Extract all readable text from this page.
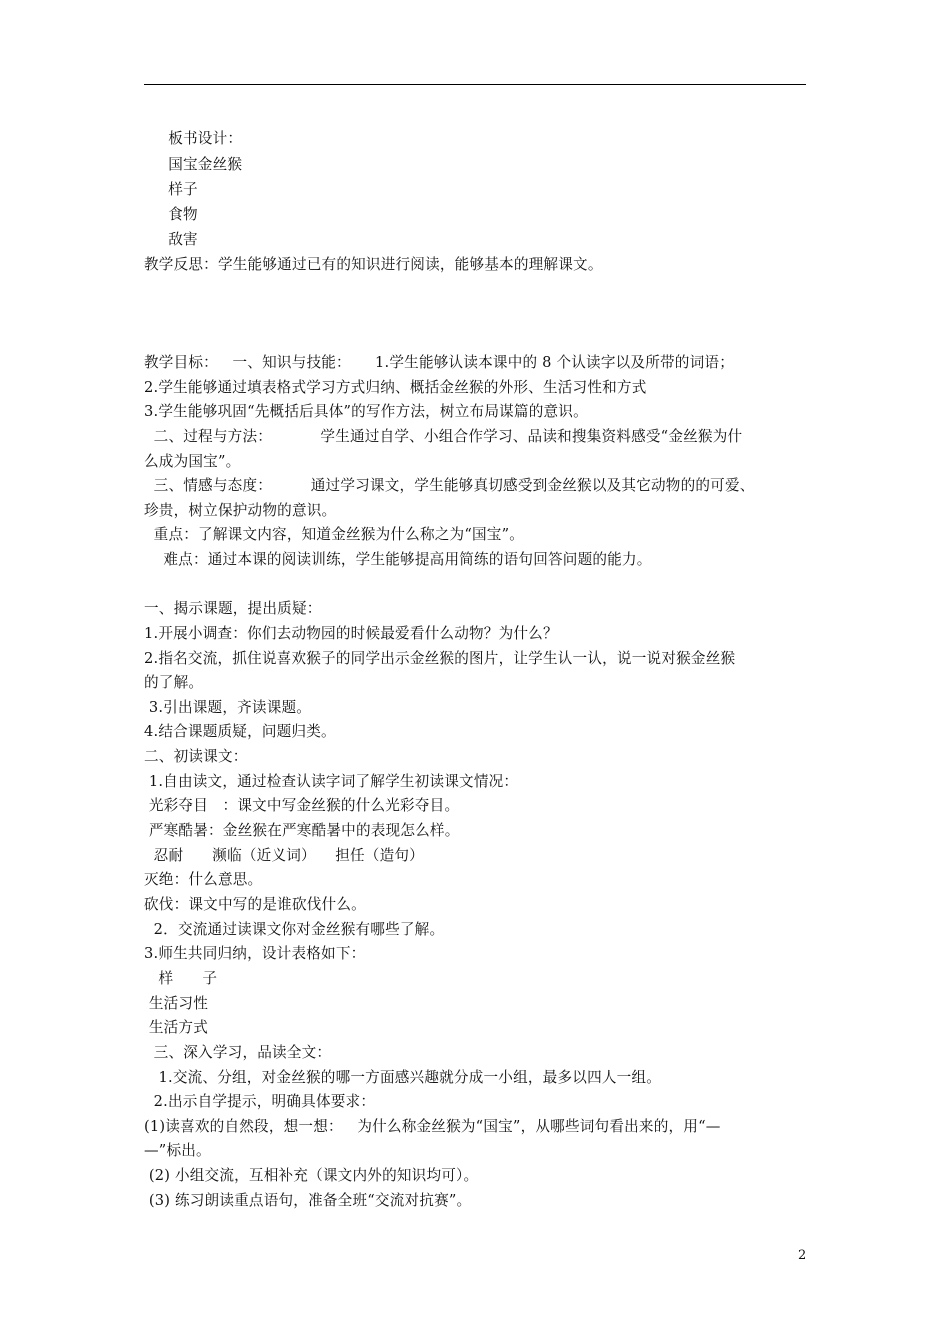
板书设计：
国宝金丝猴
样子
食物
敌害
教学反思：学生能够通过已有的知识进行阅读，能够基本的理解课文。
教学目标：   一、知识与技能：     1.学生能够认读本课中的 8 个认读字以及所带的词语；
2.学生能够通过填表格式学习方式归纳、概括金丝猴的外形、生活习性和方式
3.学生能够巩固“先概括后具体”的写作方法，树立布局谋篇的意识。
二、过程与方法：          学生通过自学、小组合作学习、品读和搜集资料感受“金丝猴为什
么成为国宝”。
三、情感与态度：        通过学习课文，学生能够真切感受到金丝猴以及其它动物的的可爱、
珍贵，树立保护动物的意识。
重点：了解课文内容，知道金丝猴为什么称之为“国宝”。
难点：通过本课的阅读训练，学生能够提高用简练的语句回答问题的能力。
一、揭示课题，提出质疑：
1.开展小调查：你们去动物园的时候最爱看什么动物？为什么？
2.指名交流，抓住说喜欢猴子的同学出示金丝猴的图片，让学生认一认，说一说对猴金丝猴
的了解。
3.引出课题，齐读课题。
4.结合课题质疑，问题归类。
二、初读课文：
1.自由读文，通过检查认读字词了解学生初读课文情况：
光彩夺目   ：课文中写金丝猴的什么光彩夺目。
严寒酷暑：金丝猴在严寒酷暑中的表现怎么样。
忍耐      濒临（近义词）    担任（造句）
灭绝：什么意思。
砍伐：课文中写的是谁砍伐什么。
2．交流通过读课文你对金丝猴有哪些了解。
3.师生共同归纳，设计表格如下：
样      子
生活习性
生活方式
三、深入学习，品读全文：
1.交流、分组，对金丝猴的哪一方面感兴趣就分成一小组，最多以四人一组。
2.出示自学提示，明确具体要求：
(1)读喜欢的自然段，想一想：   为什么称金丝猴为“国宝”，从哪些词句看出来的，用“—
—”标出。
(2) 小组交流，互相补充（课文内外的知识均可）。
(3) 练习朗读重点语句，准备全班“交流对抗赛”。
2
